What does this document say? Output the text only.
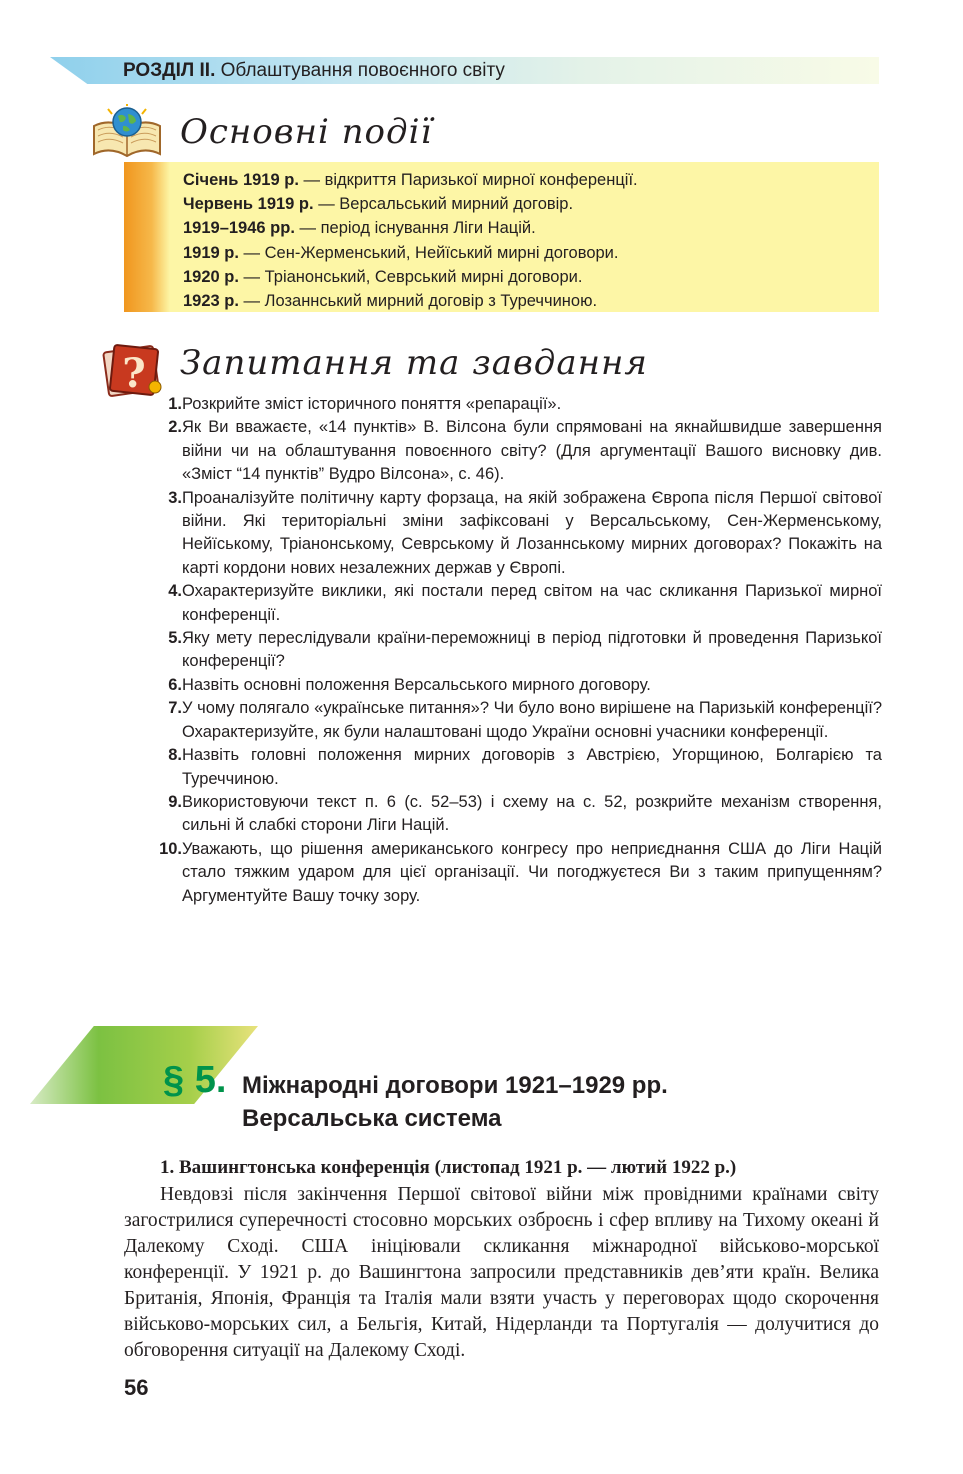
РОЗДІЛ II. Облаштування повоєнного світу
Основні події
Січень 1919 р. — відкриття Паризької мирної конференції.
Червень 1919 р. — Версальський мирний договір.
1919–1946 рр. — період існування Ліги Націй.
1919 р. — Сен-Жерменський, Нейїський мирні договори.
1920 р. — Тріанонський, Севрський мирні договори.
1923 р. — Лозаннський мирний договір з Туреччиною.
? Запитання та завдання
1. Розкрийте зміст історичного поняття «репарації».
2. Як Ви вважаєте, «14 пунктів» В. Вілсона були спрямовані на якнайшвидше завершення війни чи на облаштування повоєнного світу? (Для аргументації Вашого висновку див. «Зміст “14 пунктів” Вудро Вілсона», с. 46).
3. Проаналізуйте політичну карту форзаца, на якій зображена Європа після Першої світової війни. Які територіальні зміни зафіксовані у Версальському, Сен-Жерменському, Нейїському, Тріанонському, Севрському й Лозаннському мирних договорах? Покажіть на карті кордони нових незалежних держав у Європі.
4. Охарактеризуйте виклики, які постали перед світом на час скликання Паризької мирної конференції.
5. Яку мету переслідували країни-переможниці в період підготовки й проведення Паризької конференції?
6. Назвіть основні положення Версальського мирного договору.
7. У чому полягало «українське питання»? Чи було воно вирішене на Паризькій конференції? Охарактеризуйте, як були налаштовані щодо України основні учасники конференції.
8. Назвіть головні положення мирних договорів з Австрією, Угорщиною, Болгарією та Туреччиною.
9. Використовуючи текст п. 6 (с. 52–53) і схему на с. 52, розкрийте механізм створення, сильні й слабкі сторони Ліги Націй.
10. Уважають, що рішення американського конгресу про неприєднання США до Ліги Націй стало тяжким ударом для цієї організації. Чи погоджуєтеся Ви з таким припущенням? Аргументуйте Вашу точку зору.
§ 5. Міжнародні договори 1921–1929 рр.
Версальська система
1. Вашингтонська конференція (листопад 1921 р. — лютий 1922 р.)
Невдовзі після закінчення Першої світової війни між провідними країнами світу загострилися суперечності стосовно морських озброєнь і сфер впливу на Тихому океані й Далекому Сході. США ініціювали скликання міжнародної військово-морської конференції. У 1921 р. до Вашингтона запросили представників дев’яти країн. Велика Британія, Японія, Франція та Італія мали взяти участь у переговорах щодо скорочення військово-морських сил, а Бельгія, Китай, Нідерланди та Португалія — долучитися до обговорення ситуації на Далекому Сході.
56
